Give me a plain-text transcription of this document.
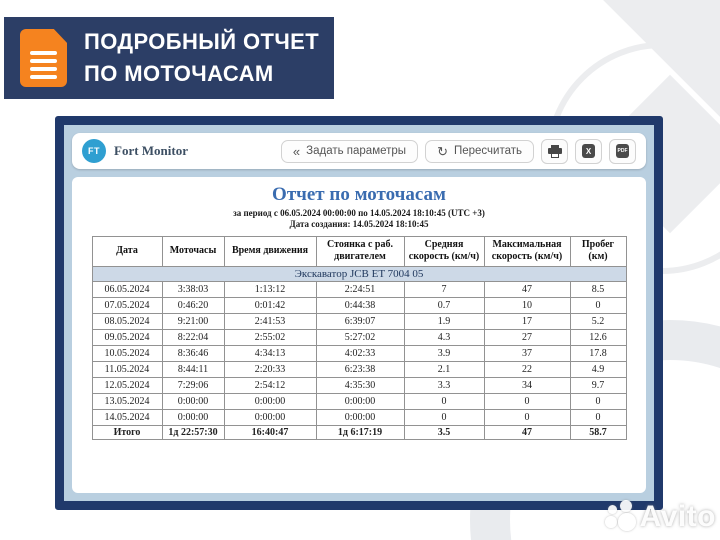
ПОДРОБНЫЙ ОТЧЕТ
ПО МОТОЧАСАМ
FT	Fort Monitor	« Задать параметры ↻ Пересчитать	X	PDF
Отчет по моточасам
за период с 06.05.2024 00:00:00 по 14.05.2024 18:10:45 (UTC +3)
Дата создания: 14.05.2024 18:10:45
Дата	Моточасы	Время движения	Стоянка с раб. двигателем	Средняя скорость (км/ч)	Максимальная скорость (км/ч)	Пробег (км)
Экскаватор JCB ET 7004 05						
06.05.2024	3:38:03	1:13:12	2:24:51	7	47	8.5
07.05.2024	0:46:20	0:01:42	0:44:38	0.7	10	0
08.05.2024	9:21:00	2:41:53	6:39:07	1.9	17	5.2
09.05.2024	8:22:04	2:55:02	5:27:02	4.3	27	12.6
10.05.2024	8:36:46	4:34:13	4:02:33	3.9	37	17.8
11.05.2024	8:44:11	2:20:33	6:23:38	2.1	22	4.9
12.05.2024	7:29:06	2:54:12	4:35:30	3.3	34	9.7
13.05.2024	0:00:00	0:00:00	0:00:00	0	0	0
14.05.2024	0:00:00	0:00:00	0:00:00	0	0	0
Итого	1д 22:57:30	16:40:47	1д 6:17:19	3.5	47	58.7
Avito
